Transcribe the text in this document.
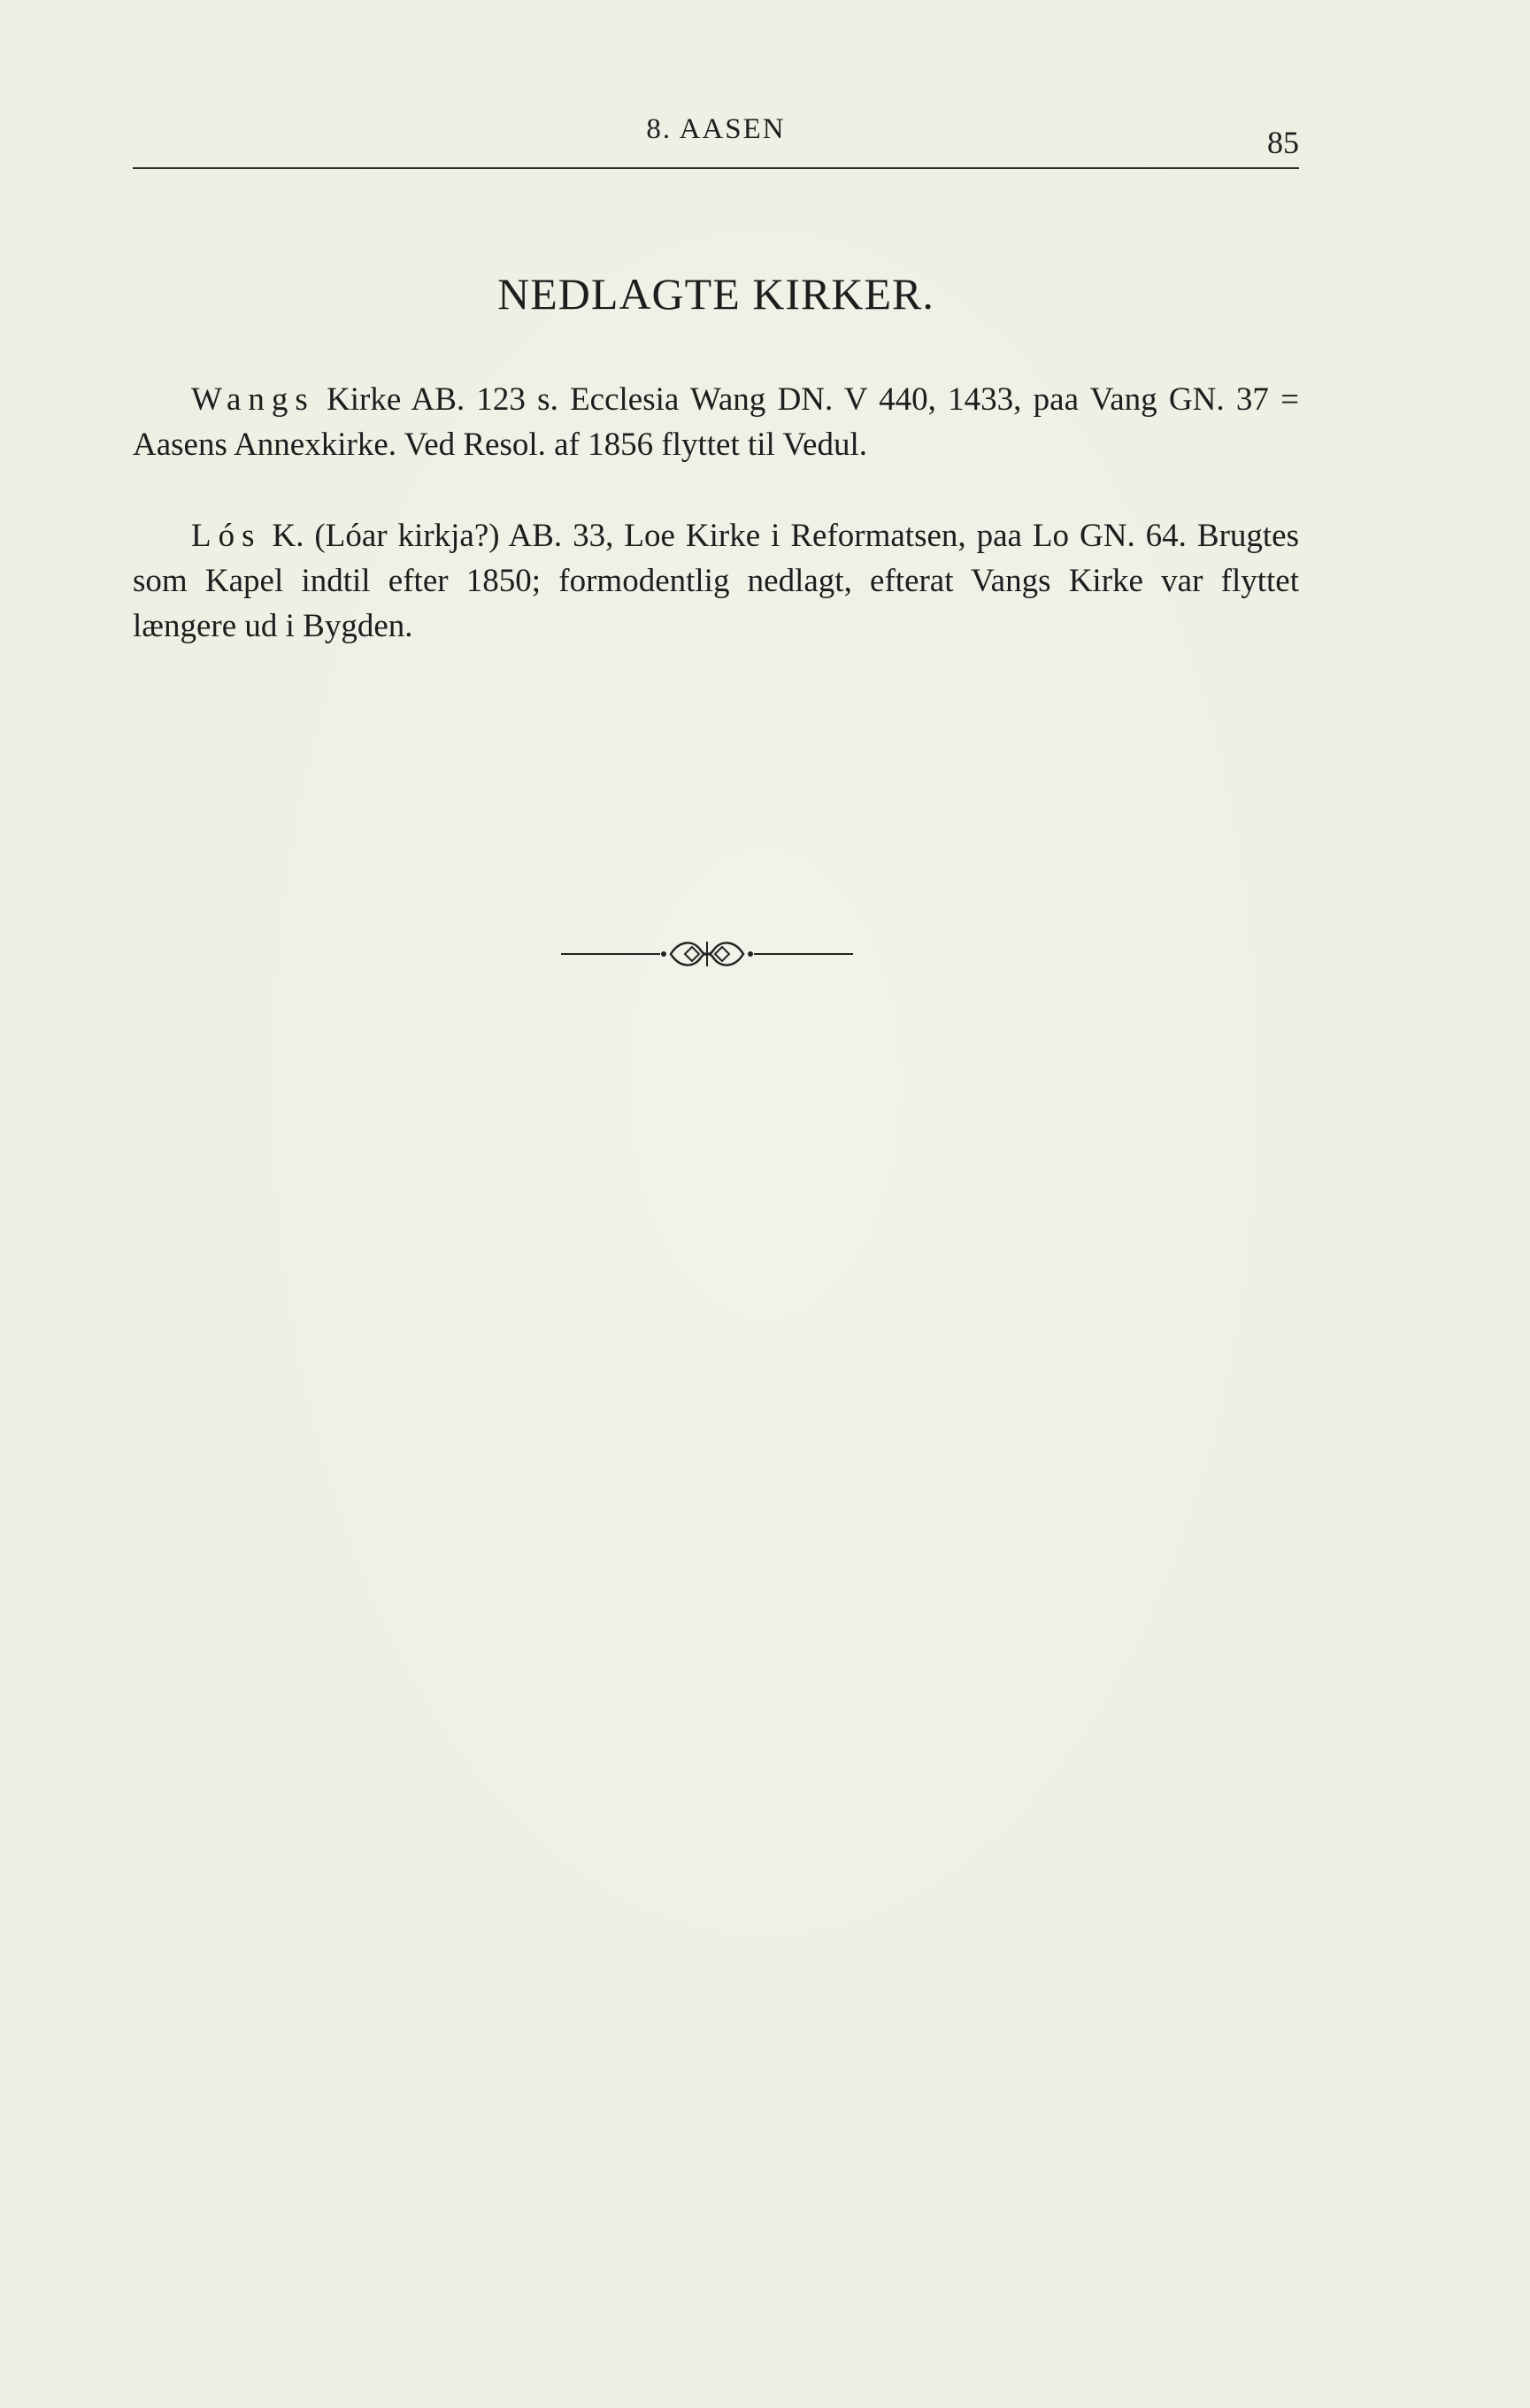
8. AASEN	85
NEDLAGTE KIRKER.

Wangs Kirke AB. 123 s. Ecclesia Wang DN. V 440, 1433, paa Vang GN. 37 = Aasens Annexkirke. Ved Resol. af 1856 flyttet til Vedul.

Lós K. (Lóar kirkja?) AB. 33, Loe Kirke i Reformatsen, paa Lo GN. 64. Brugtes som Kapel indtil efter 1850; formodentlig nedlagt, efterat Vangs Kirke var flyttet længere ud i Bygden.
